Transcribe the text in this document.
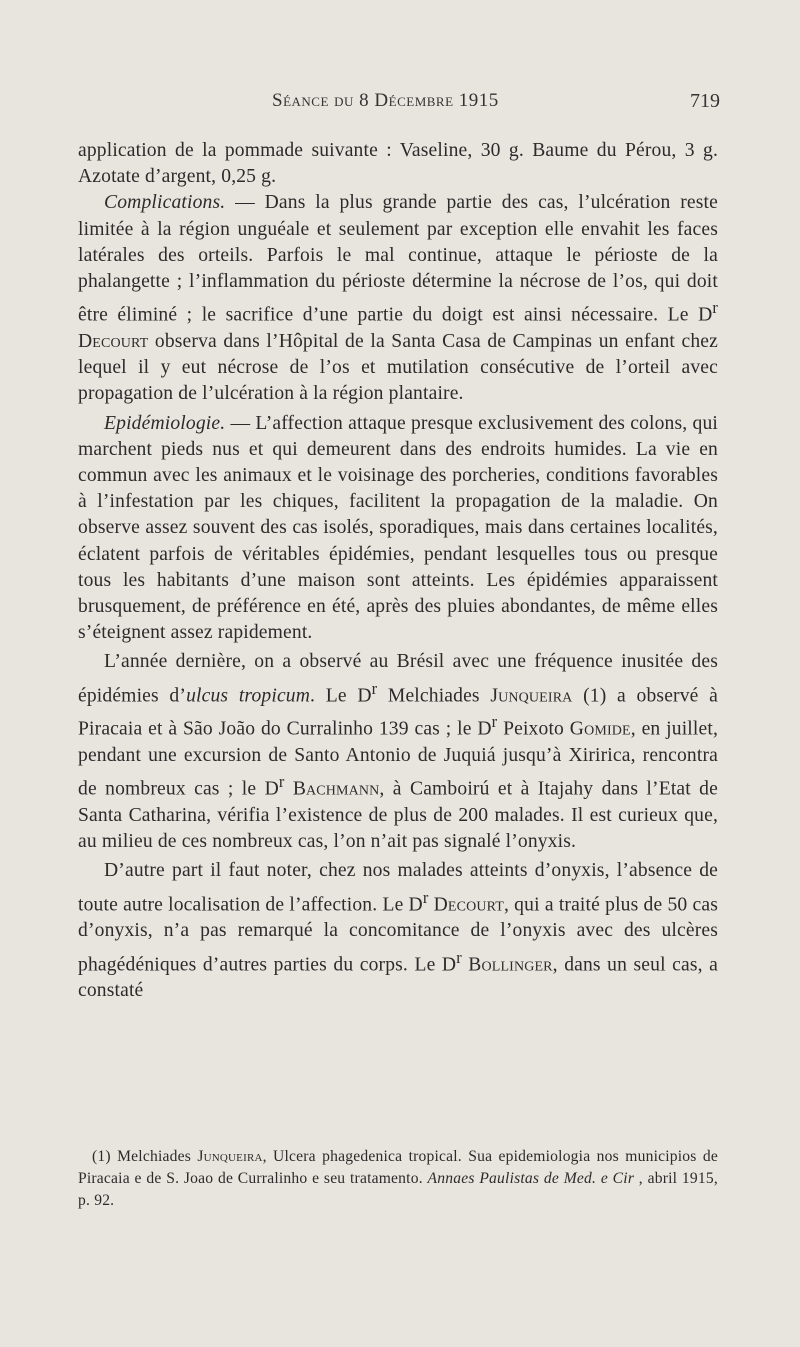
Séance du 8 Décembre 1915	719

application de la pommade suivante : Vaseline, 30 g. Baume du Pérou, 3 g. Azotate d’argent, 0,25 g.

Complications. — Dans la plus grande partie des cas, l’ulcération reste limitée à la région unguéale et seulement par exception elle envahit les faces latérales des orteils. Parfois le mal continue, attaque le périoste de la phalangette ; l’inflammation du périoste détermine la nécrose de l’os, qui doit être éliminé ; le sacrifice d’une partie du doigt est ainsi nécessaire. Le $D^r$ Decourt observa dans l’Hôpital de la Santa Casa de Campinas un enfant chez lequel il y eut nécrose de l’os et mutilation consécutive de l’orteil avec propagation de l’ulcération à la région plantaire.

Epidémiologie. — L’affection attaque presque exclusivement des colons, qui marchent pieds nus et qui demeurent dans des endroits humides. La vie en commun avec les animaux et le voisinage des porcheries, conditions favorables à l’infestation par les chiques, facilitent la propagation de la maladie. On observe assez souvent des cas isolés, sporadiques, mais dans certaines localités, éclatent parfois de véritables épidémies, pendant lesquelles tous ou presque tous les habitants d’une maison sont atteints. Les épidémies apparaissent brusquement, de préférence en été, après des pluies abondantes, de même elles s’éteignent assez rapidement.

L’année dernière, on a observé au Brésil avec une fréquence inusitée des épidémies d’ulcus tropicum. Le $D^r$ Melchiades Junqueira (1) a observé à Piracaia et à São João do Curralinho 139 cas ; le $D^r$ Peixoto Gomide, en juillet, pendant une excursion de Santo Antonio de Juquiá jusqu’à Xiririca, rencontra de nombreux cas ; le $D^r$ Bachmann, à Camboirú et à Itajahy dans l’Etat de Santa Catharina, vérifia l’existence de plus de 200 malades. Il est curieux que, au milieu de ces nombreux cas, l’on n’ait pas signalé l’onyxis.

D’autre part il faut noter, chez nos malades atteints d’onyxis, l’absence de toute autre localisation de l’affection. Le $D^r$ Decourt, qui a traité plus de 50 cas d’onyxis, n’a pas remarqué la concomitance de l’onyxis avec des ulcères phagédéniques d’autres parties du corps. Le $D^r$ Bollinger, dans un seul cas, a constaté

(1) Melchiades Junqueira, Ulcera phagedenica tropical. Sua epidemiologia nos municipios de Piracaia e de S. Joao de Curralinho e seu tratamento. Annaes Paulistas de Med. e Cir , abril 1915, p. 92.
